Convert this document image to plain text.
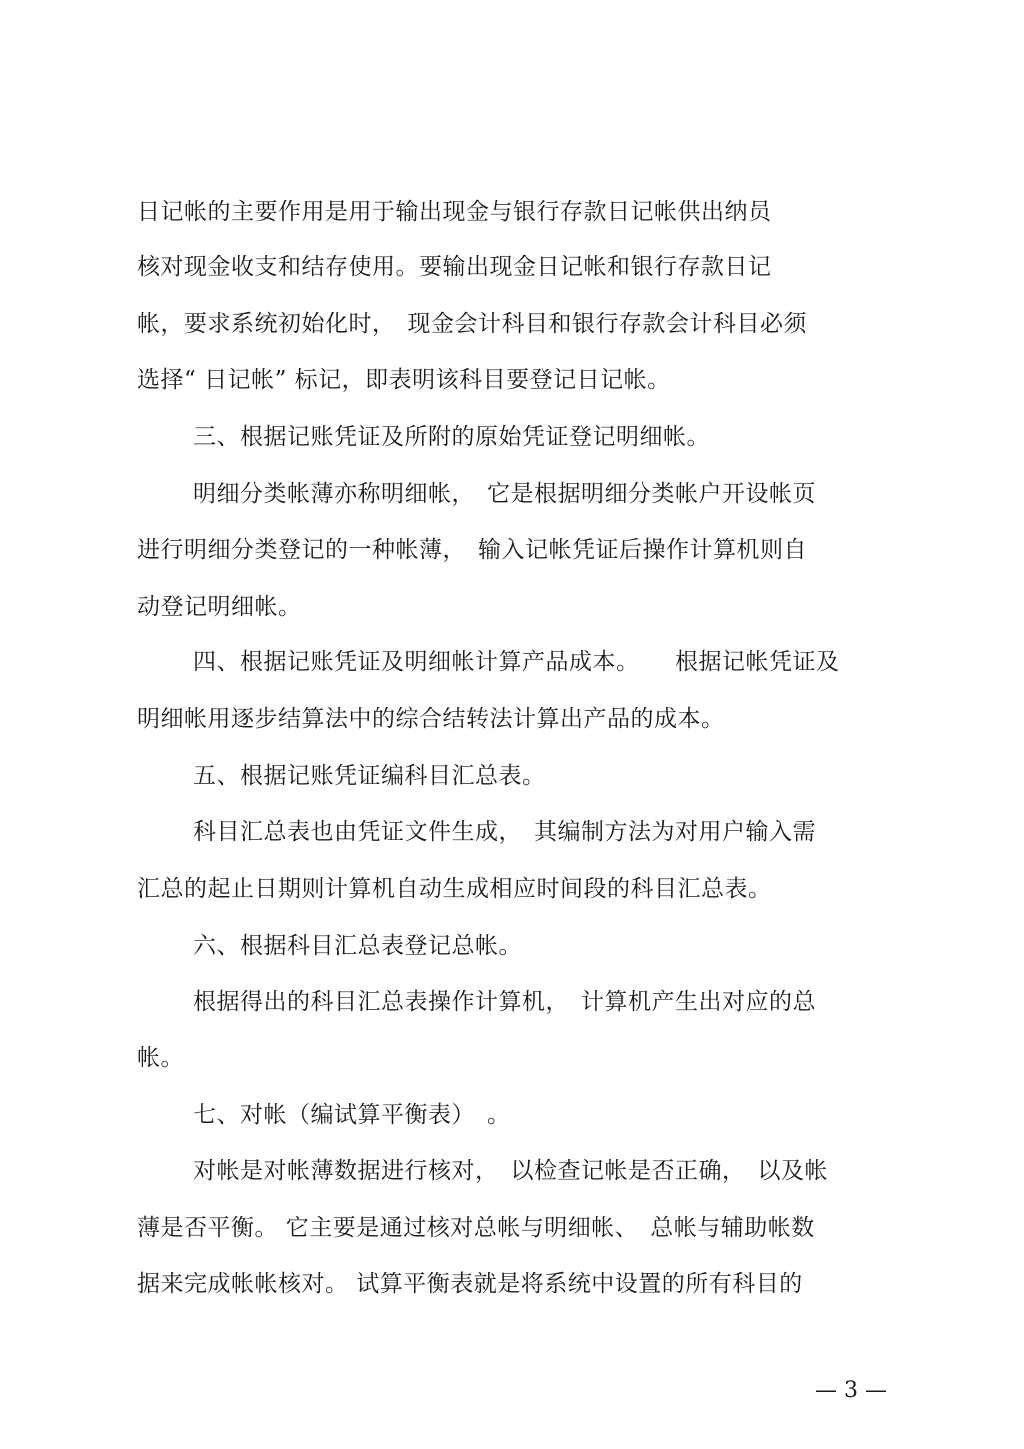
日记帐的主要作用是用于输出现金与银行存款日记帐供出纳员
核对现金收支和结存使用。要输出现金日记帐和银行存款日记
帐，要求系统初始化时，　现金会计科目和银行存款会计科目必须
选择“ 日记帐” 标记，即表明该科目要登记日记帐。
三、根据记账凭证及所附的原始凭证登记明细帐。
明细分类帐薄亦称明细帐，　它是根据明细分类帐户开设帐页
进行明细分类登记的一种帐薄，　输入记帐凭证后操作计算机则自
动登记明细帐。
四、根据记账凭证及明细帐计算产品成本。　　根据记帐凭证及
明细帐用逐步结算法中的综合结转法计算出产品的成本。
五、根据记账凭证编科目汇总表。
科目汇总表也由凭证文件生成，　其编制方法为对用户输入需
汇总的起止日期则计算机自动生成相应时间段的科目汇总表。
六、根据科目汇总表登记总帐。
根据得出的科目汇总表操作计算机，　计算机产生出对应的总
帐。
七、对帐（编试算平衡表）　。
对帐是对帐薄数据进行核对，　以检查记帐是否正确，　以及帐
薄是否平衡。 它主要是通过核对总帐与明细帐、　总帐与辅助帐数
据来完成帐帐核对。 试算平衡表就是将系统中设置的所有科目的
— 3 —
